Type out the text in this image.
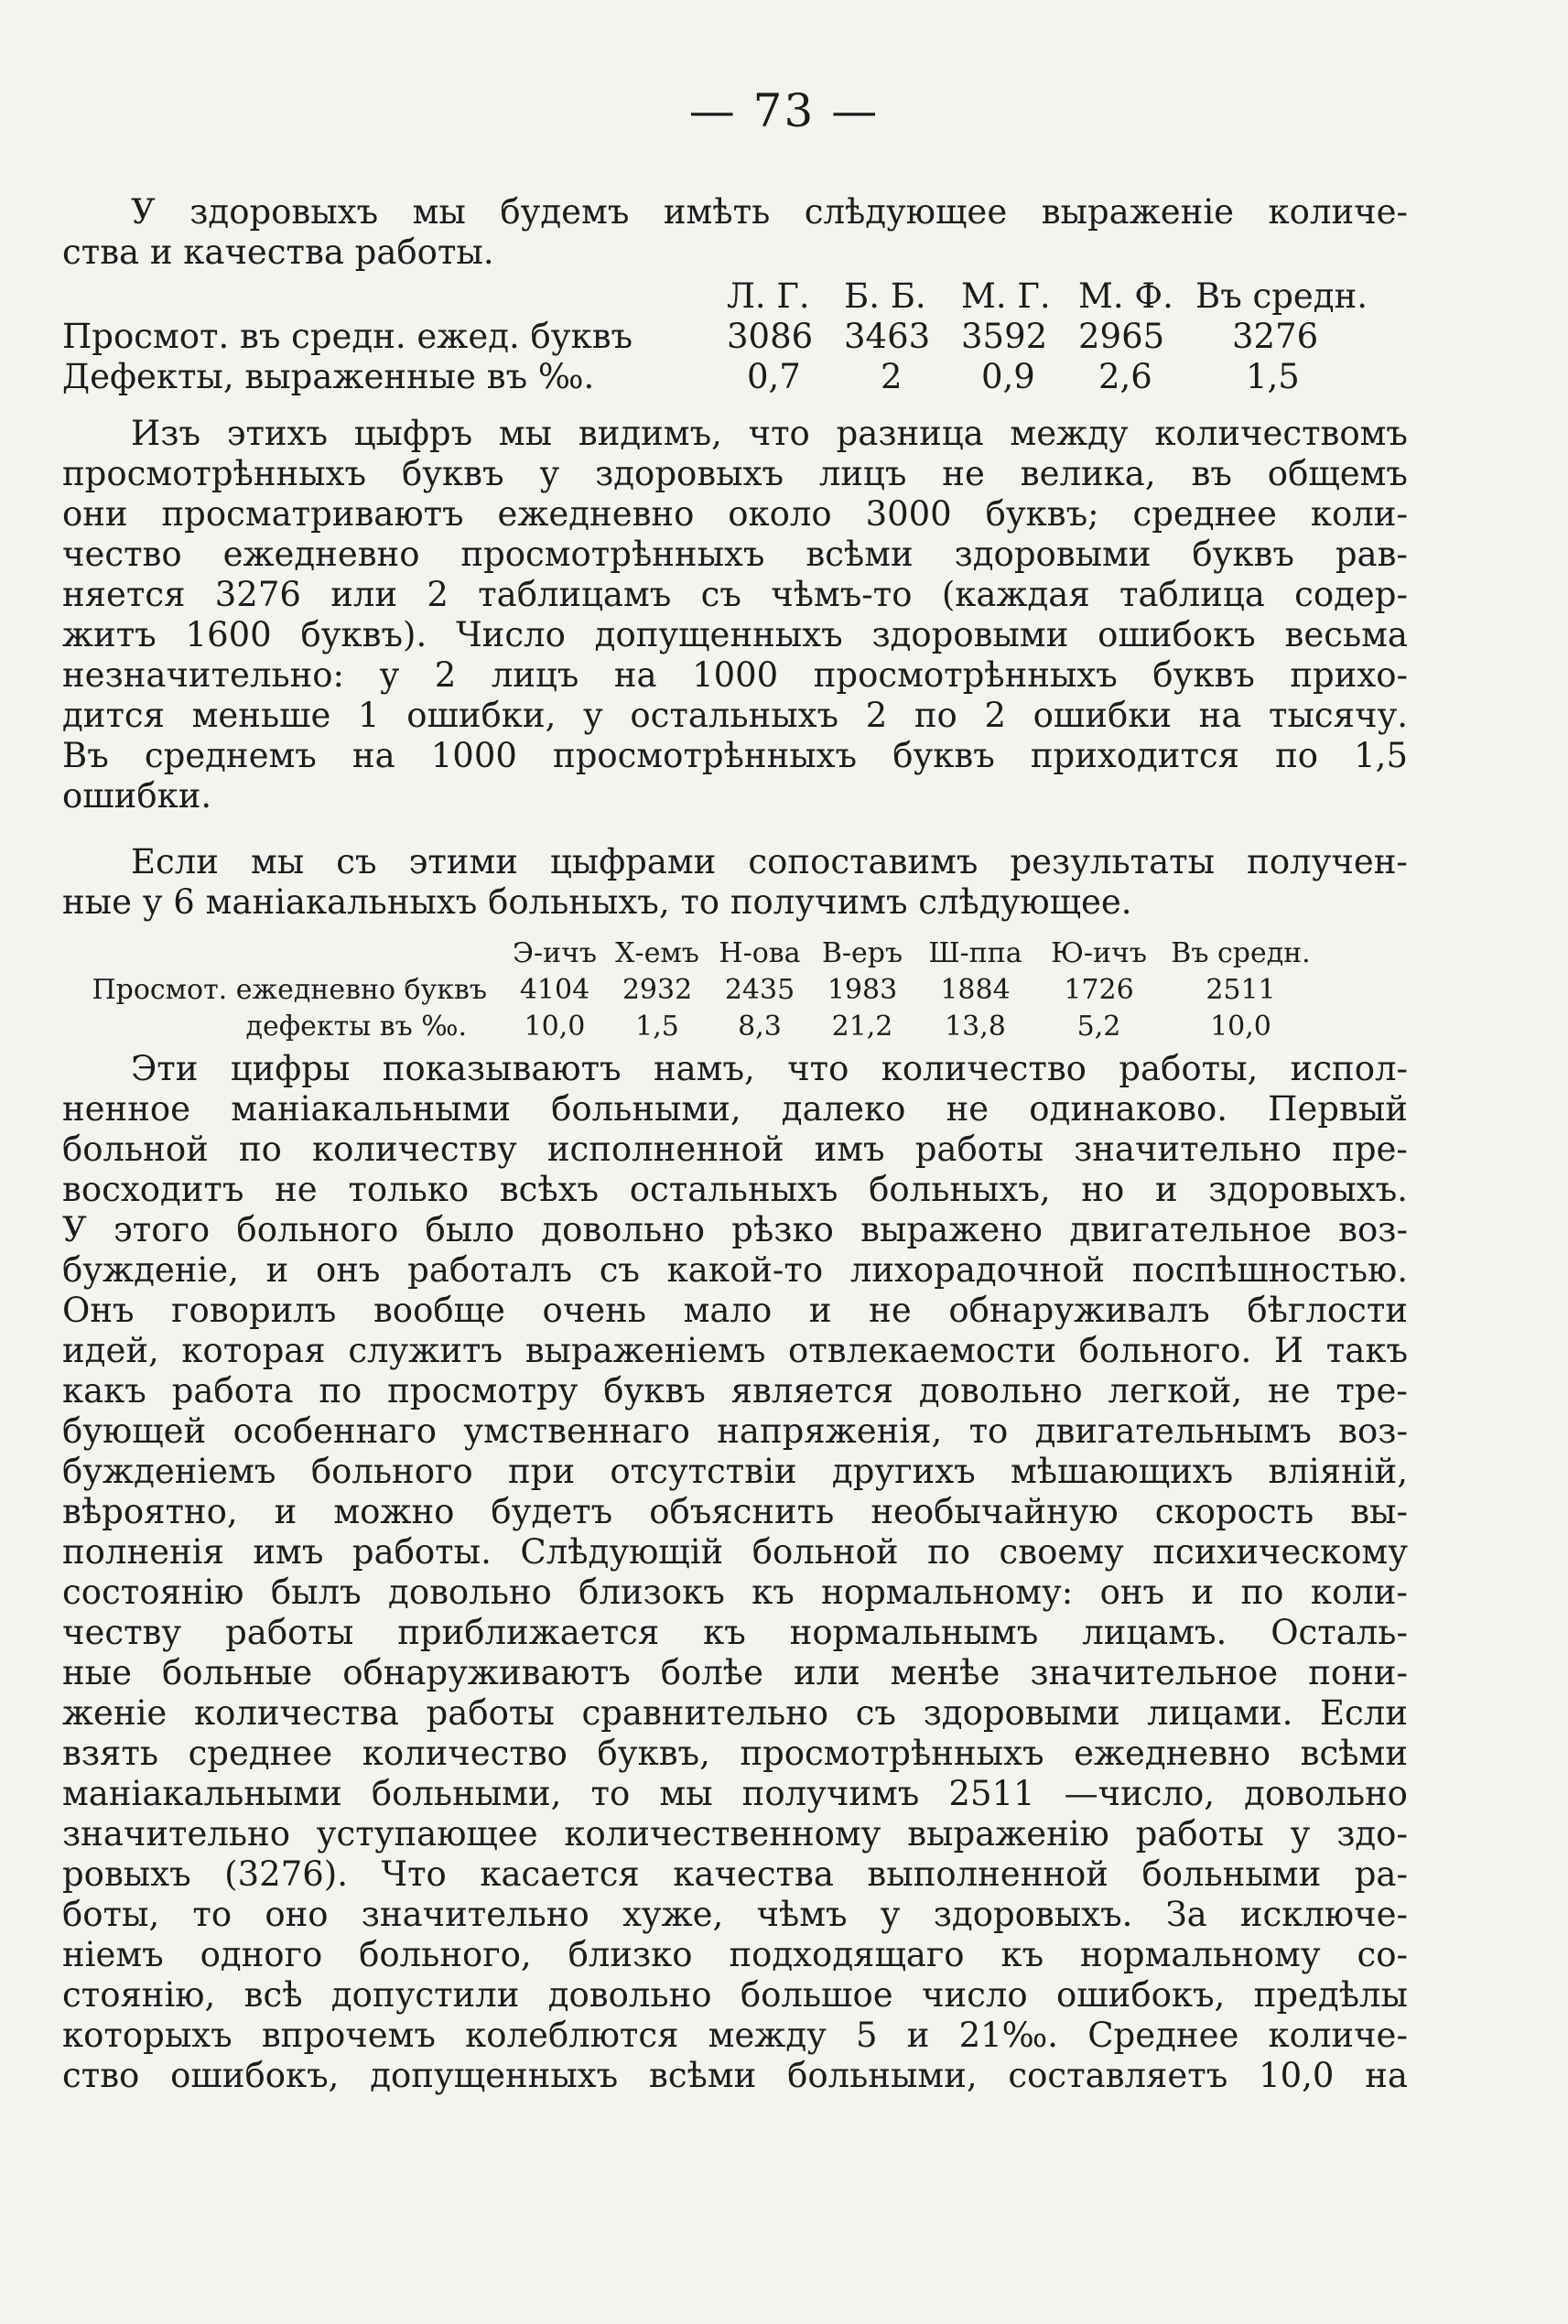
— 73 —
У здоровыхъ мы будемъ имѣть слѣдующее выраженіе количе-
ства и качества работы.
	Л. Г.	Б. Б.	М. Г.	М. Ф.	Въ средн.
Просмот. въ средн. ежед. буквъ	3086	3463	3592	2965	3276
Дефекты, выраженные въ ‰.	0,7	2	0,9	2,6	1,5
Изъ этихъ цыфръ мы видимъ, что разница между количествомъ
просмотрѣнныхъ буквъ у здоровыхъ лицъ не велика, въ общемъ
они просматриваютъ ежедневно около 3000 буквъ; среднее коли-
чество ежедневно просмотрѣнныхъ всѣми здоровыми буквъ рав-
няется 3276 или 2 таблицамъ съ чѣмъ-то (каждая таблица содер-
житъ 1600 буквъ). Число допущенныхъ здоровыми ошибокъ весьма
незначительно: у 2 лицъ на 1000 просмотрѣнныхъ буквъ прихо-
дится меньше 1 ошибки, у остальныхъ 2 по 2 ошибки на тысячу.
Въ среднемъ на 1000 просмотрѣнныхъ буквъ приходится по 1,5
ошибки.
Если мы съ этими цыфрами сопоставимъ результаты получен-
ные у 6 маніакальныхъ больныхъ, то получимъ слѣдующее.
	Э-ичъ	Х-емъ	Н-ова	В-еръ	Ш-ппа	Ю-ичъ	Въ средн.
Просмот. ежедневно буквъ	4104	2932	2435	1983	1884	1726	2511
дефекты въ ‰.	10,0	1,5	8,3	21,2	13,8	5,2	10,0
Эти цифры показываютъ намъ, что количество работы, испол-
ненное маніакальными больными, далеко не одинаково. Первый
больной по количеству исполненной имъ работы значительно пре-
восходитъ не только всѣхъ остальныхъ больныхъ, но и здоровыхъ.
У этого больного было довольно рѣзко выражено двигательное воз-
бужденіе, и онъ работалъ съ какой-то лихорадочной поспѣшностью.
Онъ говорилъ вообще очень мало и не обнаруживалъ бѣглости
идей, которая служитъ выраженіемъ отвлекаемости больного. И такъ
какъ работа по просмотру буквъ является довольно легкой, не тре-
бующей особеннаго умственнаго напряженія, то двигательнымъ воз-
бужденіемъ больного при отсутствіи другихъ мѣшающихъ вліяній,
вѣроятно, и можно будетъ объяснить необычайную скорость вы-
полненія имъ работы. Слѣдующій больной по своему психическому
состоянію былъ довольно близокъ къ нормальному: онъ и по коли-
честву работы приближается къ нормальнымъ лицамъ. Осталь-
ные больные обнаруживаютъ болѣе или менѣе значительное пони-
женіе количества работы сравнительно съ здоровыми лицами. Если
взять среднее количество буквъ, просмотрѣнныхъ ежедневно всѣми
маніакальными больными, то мы получимъ 2511 —число, довольно
значительно уступающее количественному выраженію работы у здо-
ровыхъ (3276). Что касается качества выполненной больными ра-
боты, то оно значительно хуже, чѣмъ у здоровыхъ. За исключе-
ніемъ одного больного, близко подходящаго къ нормальному со-
стоянію, всѣ допустили довольно большое число ошибокъ, предѣлы
которыхъ впрочемъ колеблются между 5 и 21‰. Среднее количе-
ство ошибокъ, допущенныхъ всѣми больными, составляетъ 10,0 на
